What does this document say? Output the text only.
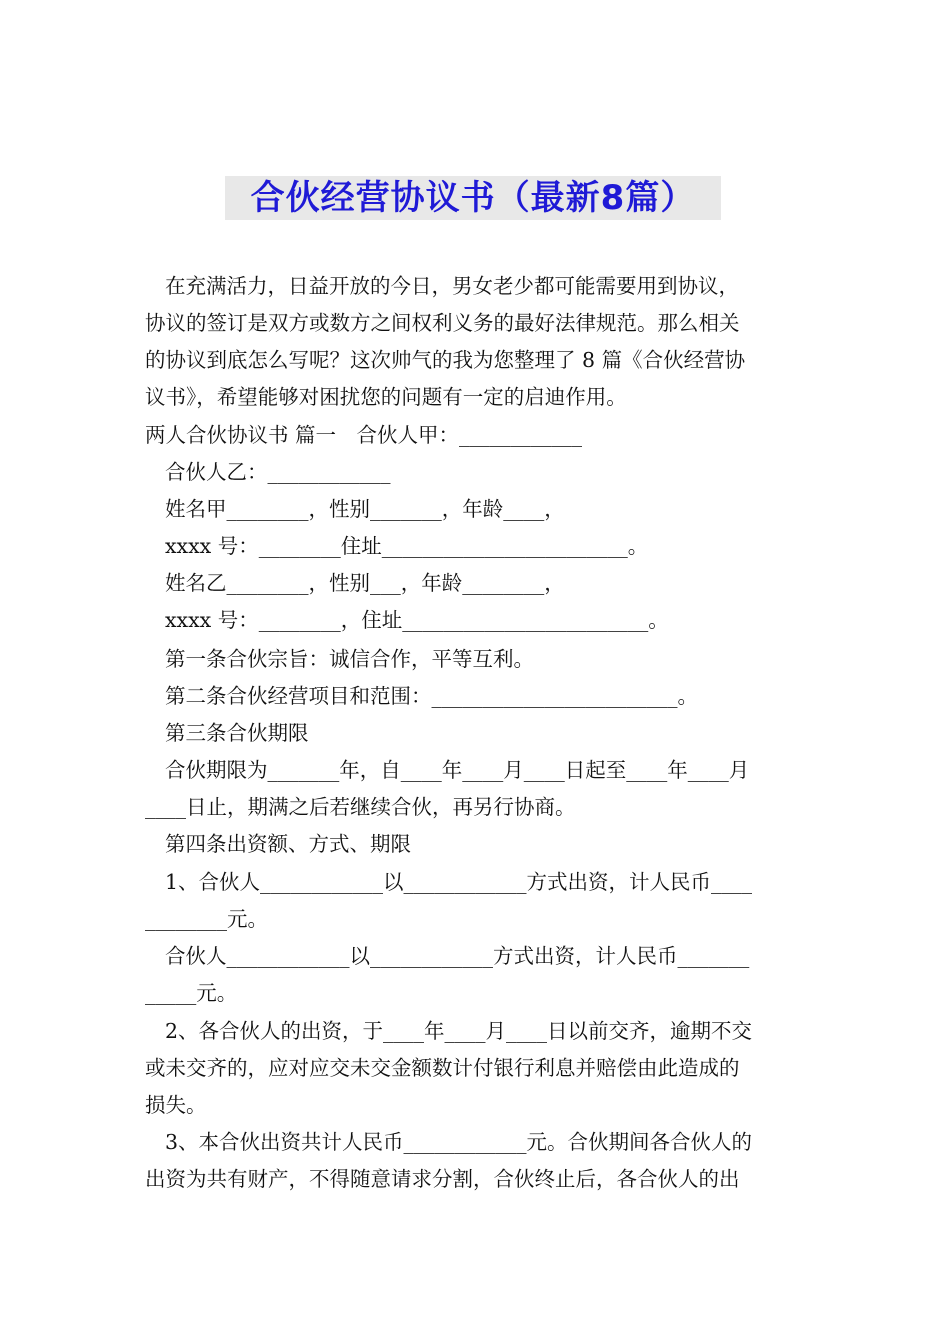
合伙经营协议书（最新8篇）
在充满活力，日益开放的今日，男女老少都可能需要用到协议，
协议的签订是双方或数方之间权利义务的最好法律规范。那么相关
的协议到底怎么写呢？这次帅气的我为您整理了 8 篇《合伙经营协
议书》，希望能够对困扰您的问题有一定的启迪作用。
两人合伙协议书 篇一　合伙人甲：____________
合伙人乙：____________
姓名甲________，性别_______，年龄____，
xxxx 号：________住址________________________。
姓名乙________，性别___，年龄________，
xxxx 号：________，住址________________________。
第一条合伙宗旨：诚信合作，平等互利。
第二条合伙经营项目和范围：________________________。
第三条合伙期限
合伙期限为_______年，自____年____月____日起至____年____月
____日止，期满之后若继续合伙，再另行协商。
第四条出资额、方式、期限
1、合伙人____________以____________方式出资，计人民币____
________元。
合伙人____________以____________方式出资，计人民币_______
_____元。
2、各合伙人的出资，于____年____月____日以前交齐，逾期不交
或未交齐的，应对应交未交金额数计付银行利息并赔偿由此造成的
损失。
3、本合伙出资共计人民币____________元。合伙期间各合伙人的
出资为共有财产，不得随意请求分割，合伙终止后，各合伙人的出
